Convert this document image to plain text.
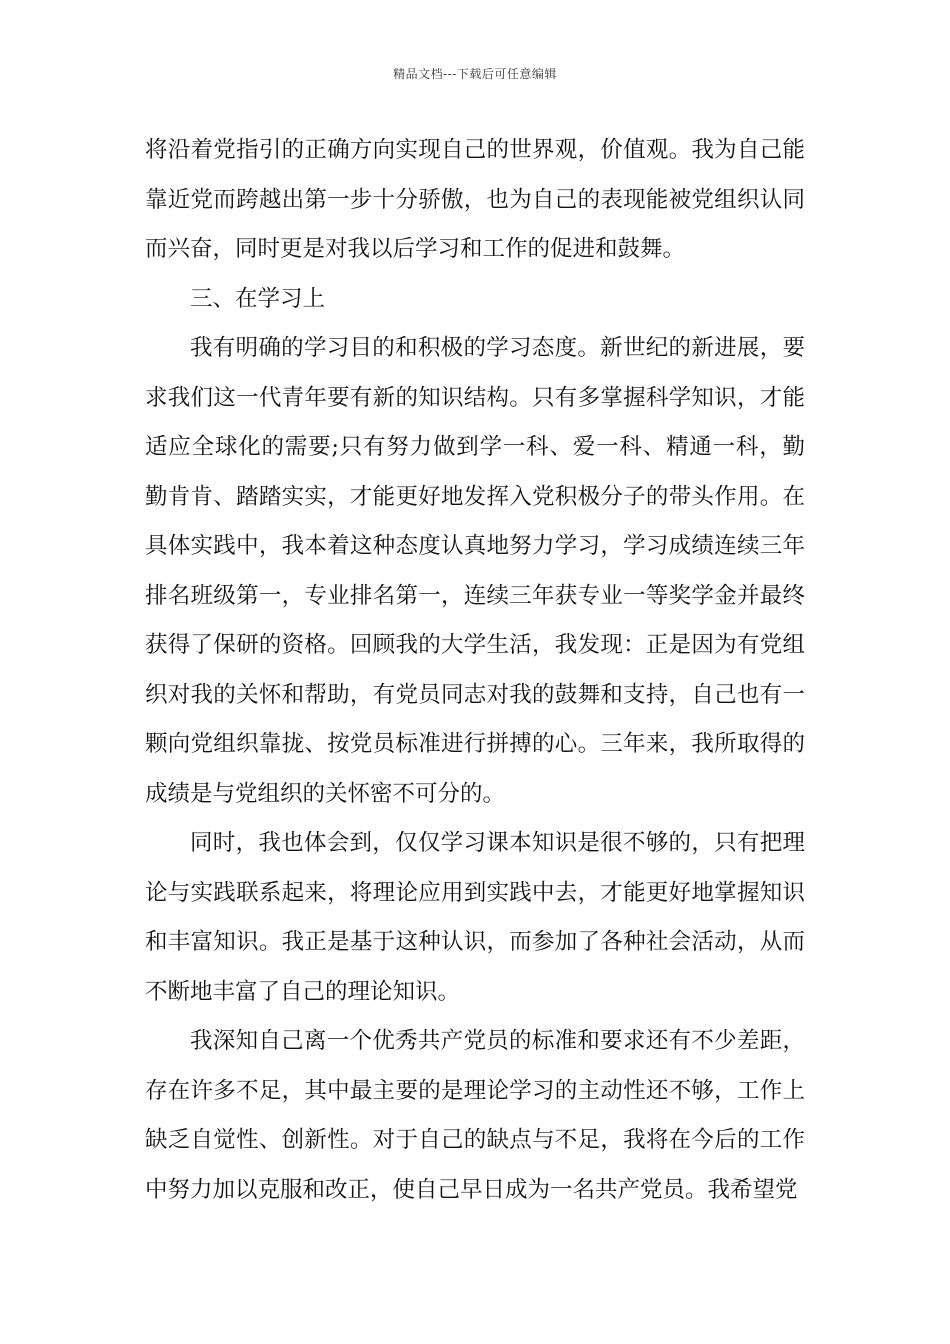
精品文档---下载后可任意编辑

将沿着党指引的正确方向实现自己的世界观，价值观。我为自己能靠近党而跨越出第一步十分骄傲，也为自己的表现能被党组织认同而兴奋，同时更是对我以后学习和工作的促进和鼓舞。

三、在学习上

我有明确的学习目的和积极的学习态度。新世纪的新进展，要求我们这一代青年要有新的知识结构。只有多掌握科学知识，才能适应全球化的需要;只有努力做到学一科、爱一科、精通一科，勤勤肯肯、踏踏实实，才能更好地发挥入党积极分子的带头作用。在具体实践中，我本着这种态度认真地努力学习，学习成绩连续三年排名班级第一，专业排名第一，连续三年获专业一等奖学金并最终获得了保研的资格。回顾我的大学生活，我发现：正是因为有党组织对我的关怀和帮助，有党员同志对我的鼓舞和支持，自己也有一颗向党组织靠拢、按党员标准进行拼搏的心。三年来，我所取得的成绩是与党组织的关怀密不可分的。

同时，我也体会到，仅仅学习课本知识是很不够的，只有把理论与实践联系起来，将理论应用到实践中去，才能更好地掌握知识和丰富知识。我正是基于这种认识，而参加了各种社会活动，从而不断地丰富了自己的理论知识。

我深知自己离一个优秀共产党员的标准和要求还有不少差距，存在许多不足，其中最主要的是理论学习的主动性还不够，工作上缺乏自觉性、创新性。对于自己的缺点与不足，我将在今后的工作中努力加以克服和改正，使自己早日成为一名共产党员。我希望党
